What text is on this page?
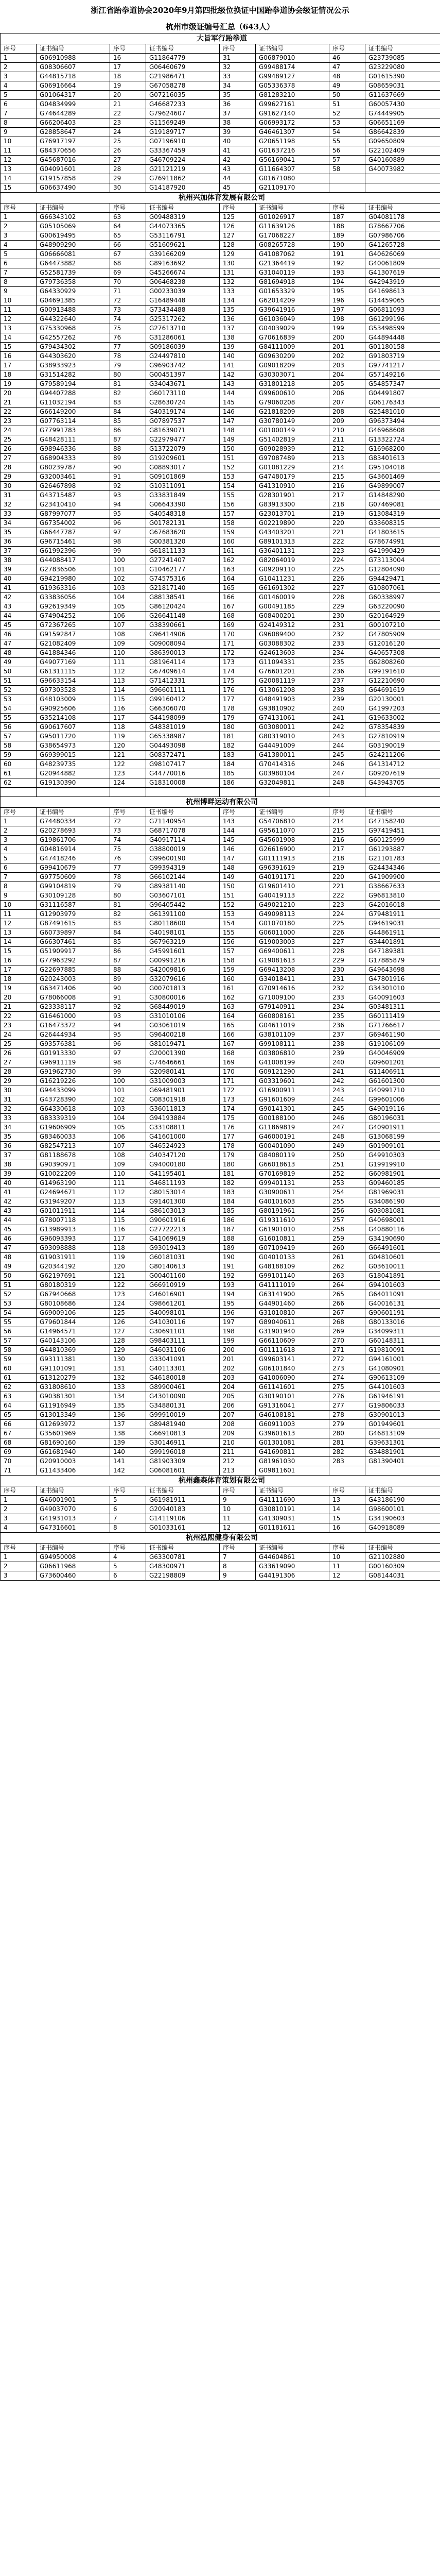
浙江省跆拳道协会2020年9月第四批级位换证中国跆拳道协会级证情况公示
杭州市级证编号汇总（643人）
大旨军行跆拳道							
序号	证书编号	序号	证书编号	序号	证书编号	序号	证书编号
1	G06910988	16	G11864779	31	G06879010	46	G23739085
2	G08306607	17	G06460679	32	G99488174	47	G23229080
3	G44815718	18	G21986471	33	G99489127	48	G01615390
4	G06916664	19	G67058278	34	G05336378	49	G08659031
5	G01064317	20	G07216035	35	G81283210	50	G11637669
6	G04834999	21	G46687233	36	G99627161	51	G60057430
7	G74644289	22	G79624607	37	G91627140	52	G74449905
8	G66206403	23	G11569249	38	G06993172	53	G06651169
9	G28858647	24	G19189717	39	G46461307	54	G86642839
10	G76917197	25	G07196910	40	G20651198	55	G09650809
11	G84370656	26	G33367459	41	G01637216	56	G22102409
12	G45687016	27	G46709224	42	G56169041	57	G40160889
13	G04091601	28	G21121219	43	G11664307	58	G40073982
14	G19157858	29	G76911862	44	G01671080		
15	G06637490	30	G14187920	45	G21109170		
杭州兴加体育发展有限公司							
序号	证书编号	序号	证书编号	序号	证书编号	序号	证书编号
1	G66343102	63	G09488319	125	G01026917	187	G04081178
2	G05105069	64	G44073365	126	G11639126	188	G78667706
3	G00619495	65	G53116791	127	G17068227	189	G07986706
4	G48909290	66	G51609621	128	G08265728	190	G41265728
5	G06666081	67	G39166209	129	G41087062	191	G40626069
6	G64473882	68	G89163692	130	G21364419	192	G40061809
7	G52581739	69	G45266674	131	G31040119	193	G41307619
8	G79736358	70	G06468238	132	G81694918	194	G42943919
9	G64330929	71	G00233039	133	G01653329	195	G41698613
10	G04691385	72	G16489448	134	G62014209	196	G14459065
11	G00913488	73	G73434488	135	G39641916	197	G06811093
12	G44322640	74	G25317262	136	G61036049	198	G61299196
13	G75330968	75	G27613710	137	G04039029	199	G53498599
14	G42557262	76	G31286061	138	G70616839	200	G44894448
15	G79434302	77	G09186039	139	G84111009	201	G01180158
16	G44303620	78	G24497810	140	G09630209	202	G91803719
17	G38933923	79	G96903742	141	G09018209	203	G97741217
18	G31514282	80	G00451397	142	G30303071	204	G57149216
19	G79589194	81	G34043671	143	G31801218	205	G54857347
20	G94407288	82	G60173110	144	G99600610	206	G04491807
21	G11032194	83	G28630724	145	G79060208	207	G06176343
22	G66149200	84	G40319174	146	G21818209	208	G25481010
23	G07763114	85	G07897537	147	G30780149	209	G96373494
24	G77991783	86	G81639071	148	G01000149	210	G46968608
25	G48428111	87	G22979477	149	G51402819	211	G13322724
26	G98946336	88	G13722079	150	G09028939	212	G16968200
27	G68904333	89	G19209601	151	G97087489	213	G83401613
28	G80239787	90	G08893017	152	G01081229	214	G95104018
29	G32003461	91	G09101869	153	G47480179	215	G43601469
30	G26467898	92	G10311091	154	G41310910	216	G49899007
31	G43715487	93	G33831849	155	G28301901	217	G14848290
32	G23410410	94	G06643390	156	G83913300	218	G07469081
33	G87997077	95	G40548318	157	G23013701	219	G13084319
34	G67354002	96	G01782131	158	G02219890	220	G33608315
35	G66447787	97	G67683620	159	G43403201	221	G41803615
36	G96715461	98	G00381320	160	G89101313	222	G78674991
37	G61992396	99	G61811133	161	G36401131	223	G41990429
38	G44088417	100	G27241407	162	G82064019	224	G73113004
39	G27836506	101	G10462177	163	G09209110	225	G12804090
40	G94219980	102	G74575316	164	G10411231	226	G94429471
41	G19363316	103	G21817140	165	G61691302	227	G10807061
42	G33836056	104	G88138541	166	G01460019	228	G60338997
43	G92619349	105	G86120424	167	G00491185	229	G63220090
44	G74904252	106	G26641148	168	G08400201	230	G20164929
45	G72367265	107	G38390661	169	G24149312	231	G00107210
46	G91592847	108	G96414906	170	G96089400	232	G47805909
47	G21082409	109	G09008094	171	G03088302	233	G12016120
48	G41884346	110	G86390013	172	G24613603	234	G40657308
49	G49077169	111	G81964114	173	G11094331	235	G62808260
50	G61311115	112	G67409614	174	G76601201	236	G99191610
51	G96633154	113	G71412331	175	G20081119	237	G12210690
52	G97303528	114	G96601111	176	G13061208	238	G64691619
53	G48103009	115	G99160412	177	G48491903	239	G20130001
54	G90925606	116	G66306070	178	G93810902	240	G41997203
55	G35214108	117	G44198099	179	G74131061	241	G19633002
56	G90617607	118	G48381019	180	G03080011	242	G78354839
57	G95011720	119	G65338987	181	G80319010	243	G27810919
58	G38654973	120	G04493098	182	G44491009	244	G03190019
59	G69399015	121	G08372471	183	G41380011	245	G24211206
60	G48239735	122	G98107417	184	G70414316	246	G41314712
61	G20944882	123	G44770016	185	G03980104	247	G09207619
62	G19130390	124	G18310008	186	G32049811	248	G43943705

杭州博畔运动有限公司							
序号	证书编号	序号	证书编号	序号	证书编号	序号	证书编号
1	G74480334	72	G71140954	143	G54706810	214	G47158240
2	G20278693	73	G68717078	144	G95611070	215	G97419451
3	G19861706	74	G40917114	145	G45601908	216	G60125999
4	G04816914	75	G38800019	146	G26616900	217	G61293887
5	G47418246	76	G99600190	147	G01111913	218	G21101783
6	G99410679	77	G99394319	148	G96391619	219	G24434346
7	G97750609	78	G66102144	149	G40191171	220	G41909900
8	G99104819	79	G89381140	150	G19601410	221	G38667633
9	G30109128	80	G03607101	151	G40419113	222	G96813810
10	G31116587	81	G96405442	152	G49021210	223	G42016018
11	G12903979	82	G61391100	153	G49098113	224	G79481911
12	G87491615	83	G80118600	154	G01070180	225	G94619031
13	G60739897	84	G40198101	155	G06011000	226	G44861911
14	G66307461	85	G67963219	156	G19003003	227	G34401891
15	G51909917	86	G45991601	157	G69400611	228	G47189381
16	G77963292	87	G00991216	158	G19081613	229	G17885879
17	G22697885	88	G42009816	159	G69413208	230	G49643698
18	G20243003	89	G32079616	160	G34018411	231	G47801916
19	G63471406	90	G00701813	161	G70914616	232	G34301010
20	G78066008	91	G30800016	162	G71009100	233	G40091603
21	G23338117	92	G68449019	163	G79140911	234	G03481311
22	G16461000	93	G31010106	164	G60808161	235	G60111419
23	G16473372	94	G03061019	165	G04611019	236	G71766617
24	G26444934	95	G96400218	166	G38101109	237	G69461190
25	G93576381	96	G81019471	167	G99108111	238	G19106109
26	G01913330	97	G20001390	168	G03806810	239	G40046909
27	G96911119	98	G74646661	169	G41008199	240	G09601201
28	G91962730	99	G20980141	170	G09121290	241	G11406911
29	G16219226	100	G31009003	171	G03319601	242	G61601300
30	G94433099	101	G69481901	172	G16900911	243	G40991710
31	G43728390	102	G08301918	173	G91601609	244	G99601006
32	G64330618	103	G36011813	174	G90141301	245	G49019116
33	G83339319	104	G94193884	175	G00188100	246	G80196031
34	G19606909	105	G33108811	176	G11869819	247	G40901911
35	G83460033	106	G41601000	177	G46000191	248	G13068199
36	G82547213	107	G46524923	178	G00401090	249	G01909101
37	G81188678	108	G40347120	179	G84080119	250	G49910303
38	G90390971	109	G94000180	180	G66018613	251	G19919910
39	G10022209	110	G41195401	181	G70169819	252	G60981901
40	G14963190	111	G46811193	182	G99401131	253	G09460185
41	G24694671	112	G80153014	183	G30900611	254	G81969031
42	G31949207	113	G91401300	184	G40101603	255	G34086190
43	G01011911	114	G86103013	185	G80191961	256	G03081081
44	G78007118	115	G90601916	186	G19311610	257	G40698001
45	G13989913	116	G27722213	187	G61901010	258	G40880116
46	G96093393	117	G41069619	188	G16010811	259	G34190690
47	G93098888	118	G93019413	189	G07109419	260	G66491601
48	G19031911	119	G60181031	190	G04010133	261	G04810601
49	G20344192	120	G80140613	191	G48188109	262	G03610011
50	G62197691	121	G00401160	192	G99101140	263	G18041891
51	G80180319	122	G66910919	193	G41111019	264	G94101603
52	G67940668	123	G46016901	194	G63141900	265	G64011091
53	G80108686	124	G98661201	195	G44901460	266	G40016131
54	G69009106	125	G40098101	196	G31010810	267	G90601191
55	G79601844	126	G41030116	197	G89040611	268	G80133016
56	G14964571	127	G30691101	198	G31901940	269	G34099311
57	G40143106	128	G98403111	199	G66110609	270	G60148311
58	G44810369	129	G46031106	200	G01111618	271	G19810091
59	G93111381	130	G33041091	201	G99603141	272	G94161001
60	G91101091	131	G40113301	202	G06101840	273	G41080901
61	G13120279	132	G46180018	203	G41006090	274	G90613109
62	G31808610	133	G89900461	204	G61141601	275	G44101603
63	G90381301	134	G43010090	205	G30190101	276	G61946191
64	G11916949	135	G34880131	206	G91316041	277	G19806033
65	G13013349	136	G99910019	207	G46108181	278	G30901013
66	G12693972	137	G89481940	208	G60911003	279	G01949601
67	G35601969	138	G66910813	209	G39601613	280	G46813109
68	G81690160	139	G30146911	210	G01301081	281	G39631301
69	G61681940	140	G99196018	211	G41690811	282	G34881901
70	G20910003	141	G81903309	212	G81961030	283	G81390401
71	G11433406	142	G06081601	213	G09811601		
杭州鑫森体育策划有限公司							
序号	证书编号	序号	证书编号	序号	证书编号	序号	证书编号
1	G46001901	5	G61981911	9	G41111690	13	G43186190
2	G49037070	6	G20940183	10	G30810191	14	G98600101
3	G41931013	7	G14119106	11	G41309031	15	G34190603
4	G47316601	8	G01033161	12	G01181611	16	G40918089
杭州泓熙健身有限公司							
序号	证书编号	序号	证书编号	序号	证书编号	序号	证书编号
1	G94950008	4	G63300781	7	G44604861	10	G21102880
2	G06611968	5	G48300971	8	G33619090	11	G00160309
3	G73600460	6	G22198809	9	G44191306	12	G08144031
